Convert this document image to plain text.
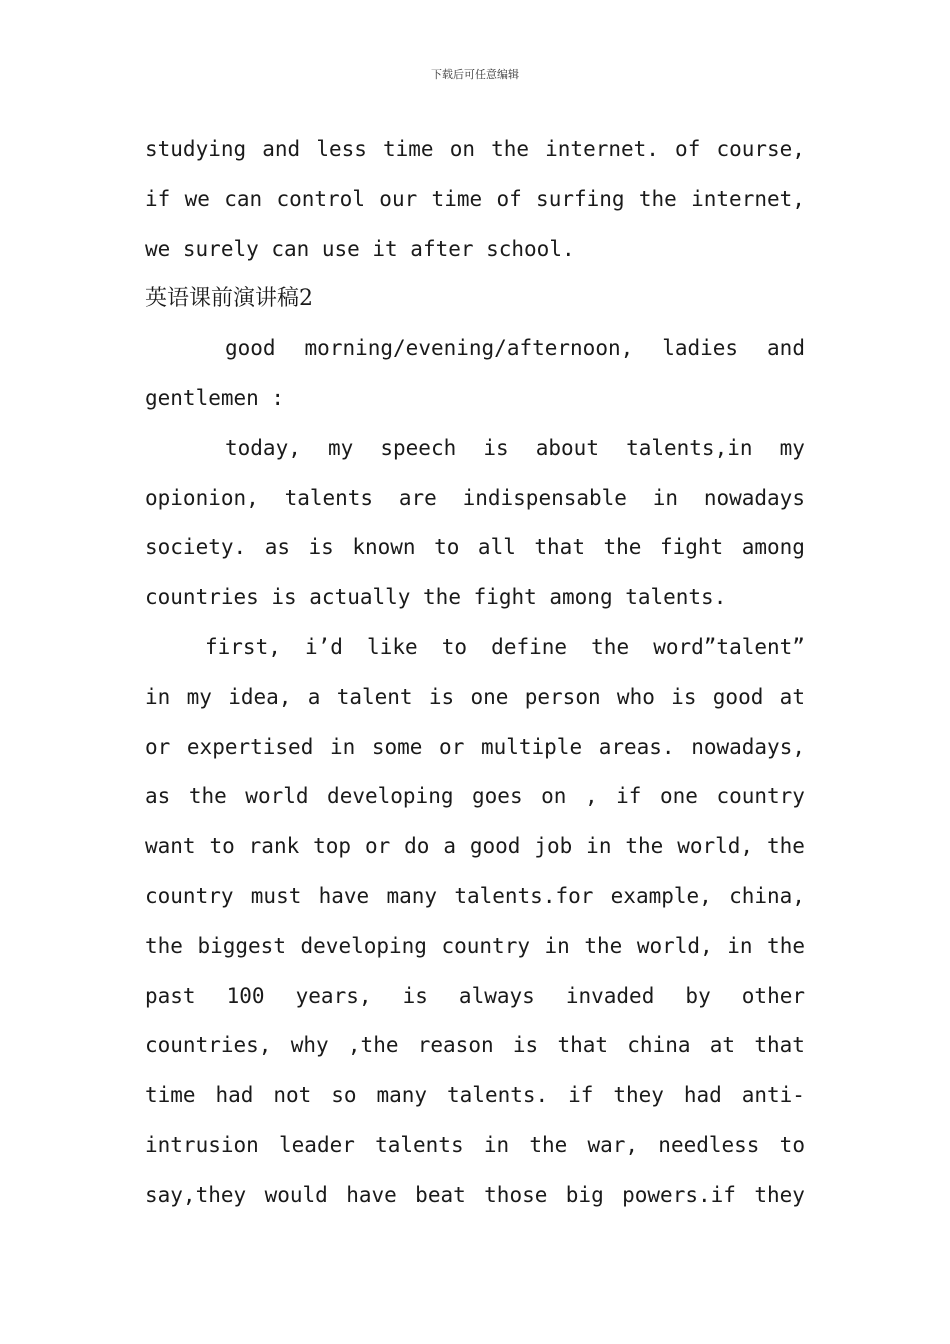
下载后可任意编辑
studying and less time on the internet. of course,
if we can control our time of surfing the internet,
we surely can use it after school.
英语课前演讲稿2
good morning/evening/afternoon, ladies and
gentlemen :
today, my speech is about talents,in my
opionion, talents are indispensable in nowadays
society. as is known to all that the fight among
countries is actually the fight among talents.
first, i’d like to define the word”talent”
in my idea, a talent is one person who is good at
or expertised in some or multiple areas. nowadays,
as the world developing goes on , if one country
want to rank top or do a good job in the world, the
country must have many talents.for example, china,
the biggest developing country in the world, in the
past 100 years, is always invaded by other
countries, why ,the reason is that china at that
time had not so many talents. if they had anti-
intrusion leader talents in the war, needless to
say,they would have beat those big powers.if they
